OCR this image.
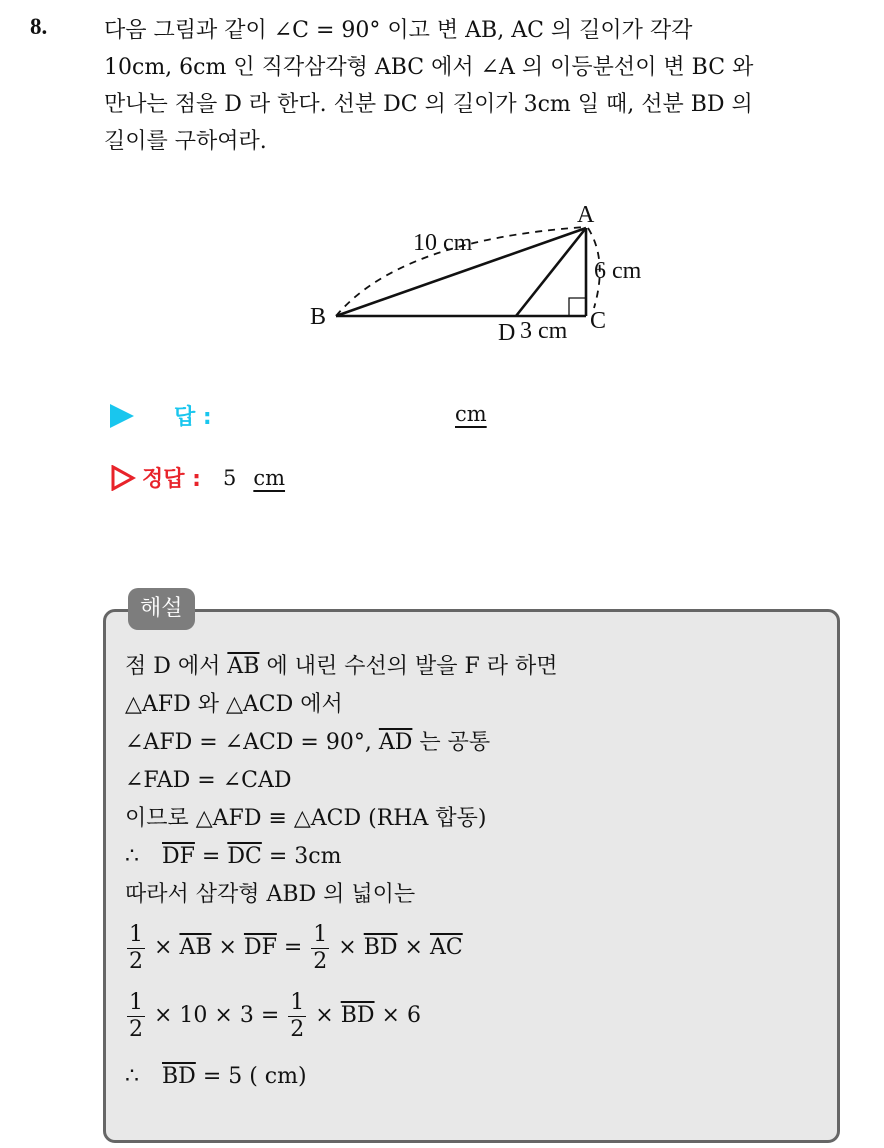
8.	다음 그림과 같이 ∠C = 90° 이고 변 AB, AC 의 길이가 각각
10cm, 6cm 인 직각삼각형 ABC 에서 ∠A 의 이등분선이 변 BC 와
만나는 점을 D 라 한다. 선분 DC 의 길이가 3cm 일 때, 선분 BD 의
길이를 구하여라.
A
B	C
D
10 cm
6 cm
3 cm
답 :	cm
정답 : 5 cm
해설
점 D 에서 $\overline{AB}$ 에 내린 수선의 발을 F 라 하면
△AFD 와 △ACD 에서
∠AFD = ∠ACD = 90°, $\overline{AD}$ 는 공통
∠FAD = ∠CAD
이므로 △AFD ≡ △ACD (RHA 합동)
∴ $\overline{DF} = \overline{DC} = 3cm$
따라서 삼각형 ABD 의 넓이는
$\frac{1}{2} \times \overline{AB} \times \overline{DF} = \frac{1}{2} \times \overline{BD} \times \overline{AC}$
$\frac{1}{2} \times 10 \times 3 = \frac{1}{2} \times \overline{BD} \times 6$
∴ $\overline{BD} = 5$ ( cm)
